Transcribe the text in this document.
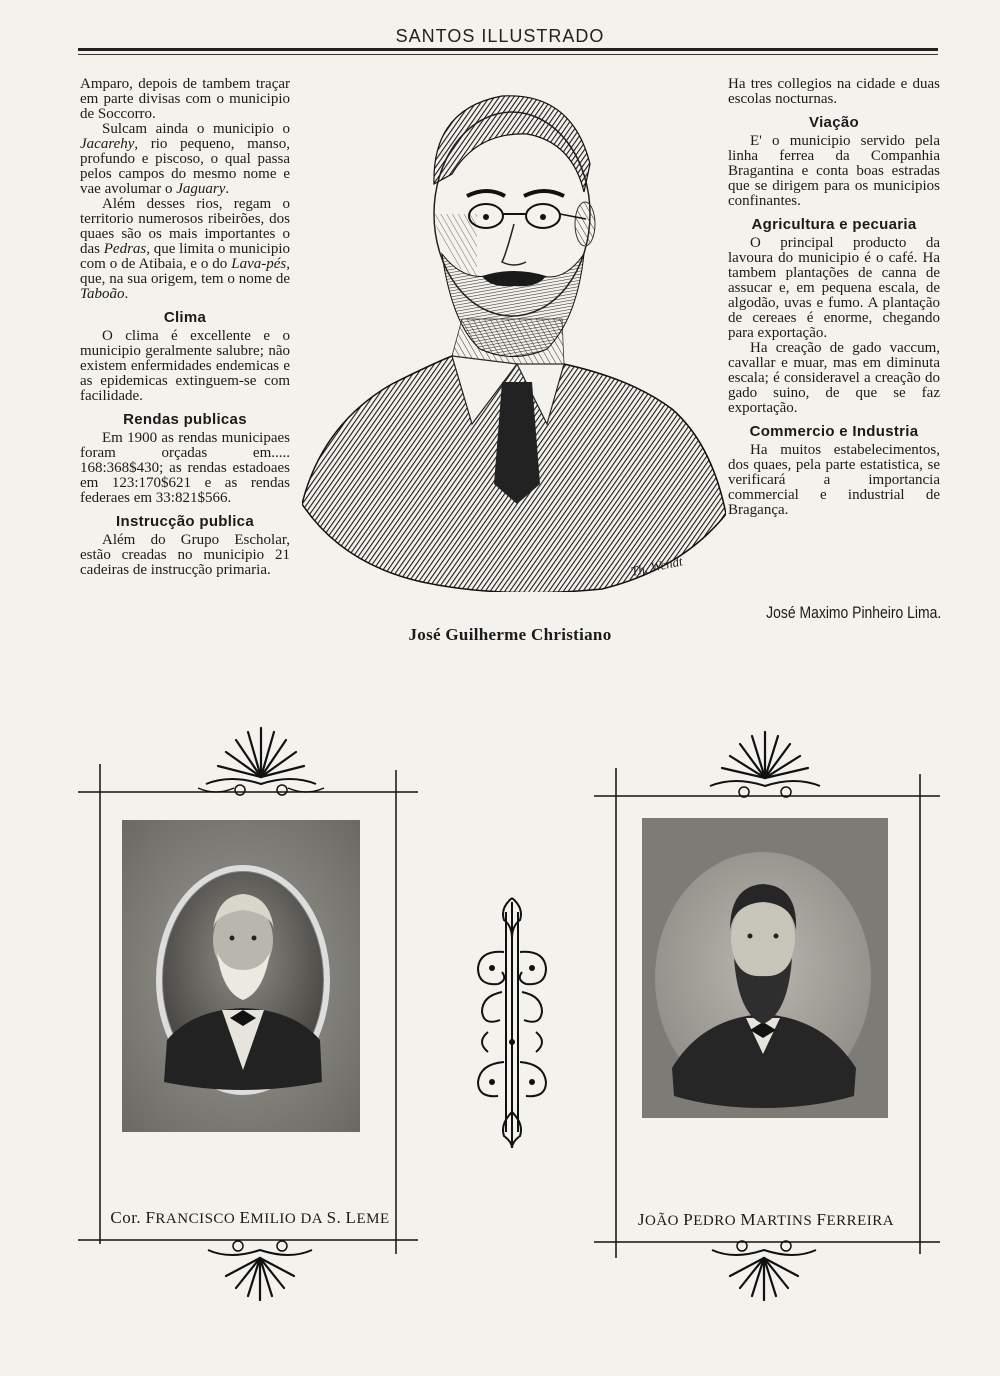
SANTOS ILLUSTRADO

Amparo, depois de tambem traçar em parte divisas com o municipio de Soccorro.

Sulcam ainda o municipio o Jacarehy, rio pequeno, manso, profundo e piscoso, o qual passa pelos campos do mesmo nome e vae avolumar o Jaguary.

Além desses rios, regam o territorio numerosos ribeirões, dos quaes são os mais importantes o das Pedras, que limita o municipio com o de Atibaia, e o do Lava-pés, que, na sua origem, tem o nome de Taboão.

Clima

O clima é excellente e o municipio geralmente salubre; não existem enfermidades endemicas e as epidemicas extinguem-se com facilidade.

Rendas publicas

Em 1900 as rendas municipaes foram orçadas em..... 168:368$430; as rendas estadoaes em 123:170$621 e as rendas federaes em 33:821$566.

Instrucção publica

Além do Grupo Escholar, estão creadas no municipio 21 cadeiras de instrucção primaria.	Th. Wendt
José Guilherme Christiano

Ha tres collegios na cidade e duas escolas nocturnas.

Viação

E' o municipio servido pela linha ferrea da Companhia Bragantina e conta boas estradas que se dirigem para os municipios confinantes.

Agricultura e pecuaria

O principal producto da lavoura do municipio é o café. Ha tambem plantações de canna de assucar e, em pequena escala, de algodão, uvas e fumo. A plantação de cereaes é enorme, chegando para exportação.

Ha creação de gado vaccum, cavallar e muar, mas em diminuta escala; é consideravel a creação do gado suino, de que se faz exportação.

Commercio e Industria

Ha muitos estabelecimentos, dos quaes, pela parte estatistica, se verificará a importancia commercial e industrial de Bragança.

José Maximo Pinheiro Lima.
Cor. FRANCISCO EMILIO DA S. LEME	JOÃO PEDRO MARTINS FERREIRA
